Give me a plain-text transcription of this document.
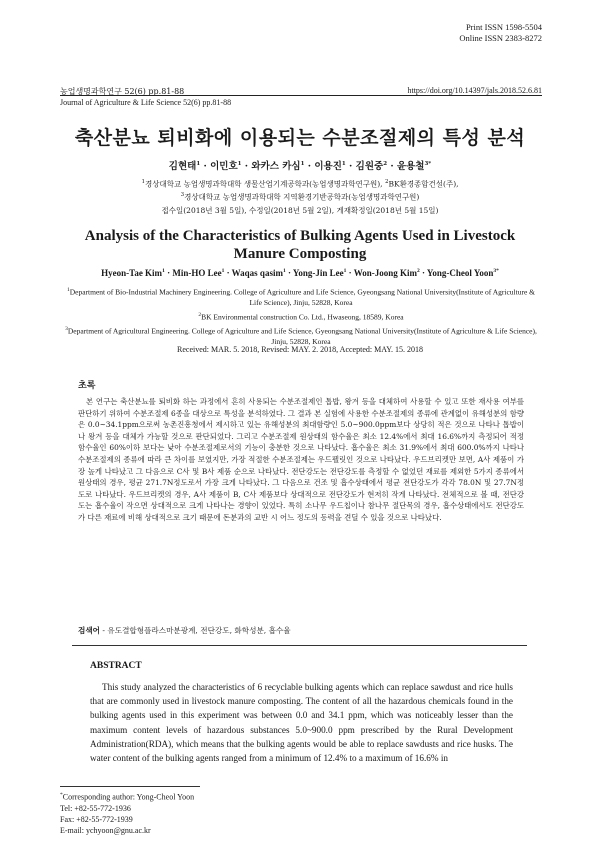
Print ISSN 1598-5504
Online ISSN 2383-8272
농업생명과학연구 52(6) pp.81-88	https://doi.org/10.14397/jals.2018.52.6.81
Journal of Agriculture & Life Science 52(6) pp.81-88
축산분뇨 퇴비화에 이용되는 수분조절제의 특성 분석
김현태$^1$ · 이민호$^1$ · 와카스 카심$^1$ · 이용진$^1$ · 김원중$^2$ · 윤용철$^{3*}$
$^1$경상대학교 농업생명과학대학 생물산업기계공학과(농업생명과학연구원), $^2$BK환경종합건설(주),
$^3$경상대학교 농업생명과학대학 지역환경기반공학과(농업생명과학연구원)
접수일(2018년 3월 5일), 수정일(2018년 5월 2일), 게재확정일(2018년 5월 15일)
Analysis of the Characteristics of Bulking Agents Used in Livestock Manure Composting
Hyeon-Tae Kim$^1$ · Min-HO Lee$^1$ · Waqas qasim$^1$ · Yong-Jin Lee$^1$ · Won-Joong Kim$^2$ · Yong-Cheol Yoon$^{3*}$

$^1$Department of Bio-Industrial Machinery Engineering. College of Agriculture and Life Science, Gyeongsang National University(Institute of Agriculture & Life Science), Jinju, 52828, Korea

$^2$BK Environmental construction Co. Ltd., Hwaseong, 18589, Korea

$^3$Department of Agricultural Engineering. College of Agriculture and Life Science, Gyeongsang National University(Institute of Agriculture & Life Science), Jinju, 52828, Korea

Received: MAR. 5. 2018, Revised: MAY. 2. 2018, Accepted: MAY. 15. 2018
초록

본 연구는 축산분뇨를 퇴비화 하는 과정에서 흔히 사용되는 수분조절제인 톱밥, 왕겨 등을 대체하여 사용할 수 있고 또한 재사용 여부를 판단하기 위하여 수분조절제 6종을 대상으로 특성을 분석하였다. 그 결과 본 실험에 사용한 수분조절제의 종류에 관계없이 유해성분의 함량은 0.0~34.1ppm으로써 농촌진흥청에서 제시하고 있는 유해성분의 최대함량인 5.0~900.0ppm보다 상당히 적은 것으로 나타나 톱밥이나 왕겨 등을 대체가 가능할 것으로 판단되었다. 그리고 수분조절제 원상태의 함수율은 최소 12.4%에서 최대 16.6%까지 측정되어 적정 함수율인 60%이하 보다는 낮아 수분조절제로서의 기능이 충분한 것으로 나타났다. 흡수율은 최소 31.9%에서 최대 600.0%까지 나타나 수분조절제의 종류에 따라 큰 차이를 보였지만, 가장 적절한 수분조절제는 우드펠릿인 것으로 나타났다. 우드브리켓만 보면, A사 제품이 가장 높게 나타났고 그 다음으로 C사 및 B사 제품 순으로 나타났다. 전단강도는 전단강도를 측정할 수 없었던 재료를 제외한 5가지 종류에서 원상태의 경우, 평균 271.7N정도로서 가장 크게 나타났다. 그 다음으로 건조 및 흡수상태에서 평균 전단강도가 각각 78.0N 및 27.7N정도로 나타났다. 우드브리켓의 경우, A사 제품이 B, C사 제품보다 상대적으로 전단강도가 현저히 작게 나타났다. 전체적으로 볼 때, 전단강도는 흡수율이 작으면 상대적으로 크게 나타나는 경향이 있었다. 특히 소나무 우드칩이나 참나무 절단목의 경우, 흡수상태에서도 전단강도가 다른 재료에 비해 상대적으로 크기 때문에 돈분과의 교반 시 어느 정도의 동력을 견딜 수 있을 것으로 나타났다.

검색어 - 유도결합형플라스마분광계, 전단강도, 화학성분, 흡수율
ABSTRACT

This study analyzed the characteristics of 6 recyclable bulking agents which can replace sawdust and rice hulls that are commonly used in livestock manure composting. The content of all the hazardous chemicals found in the bulking agents used in this experiment was between 0.0 and 34.1 ppm, which was noticeably lesser than the maximum content levels of hazardous substances 5.0~900.0 ppm prescribed by the Rural Development Administration(RDA), which means that the bulking agents would be able to replace sawdusts and rice husks. The water content of the bulking agents ranged from a minimum of 12.4% to a maximum of 16.6% in

*Corresponding author: Yong-Cheol Yoon
Tel: +82-55-772-1936
Fax: +82-55-772-1939
E-mail: ychyoon@gnu.ac.kr
